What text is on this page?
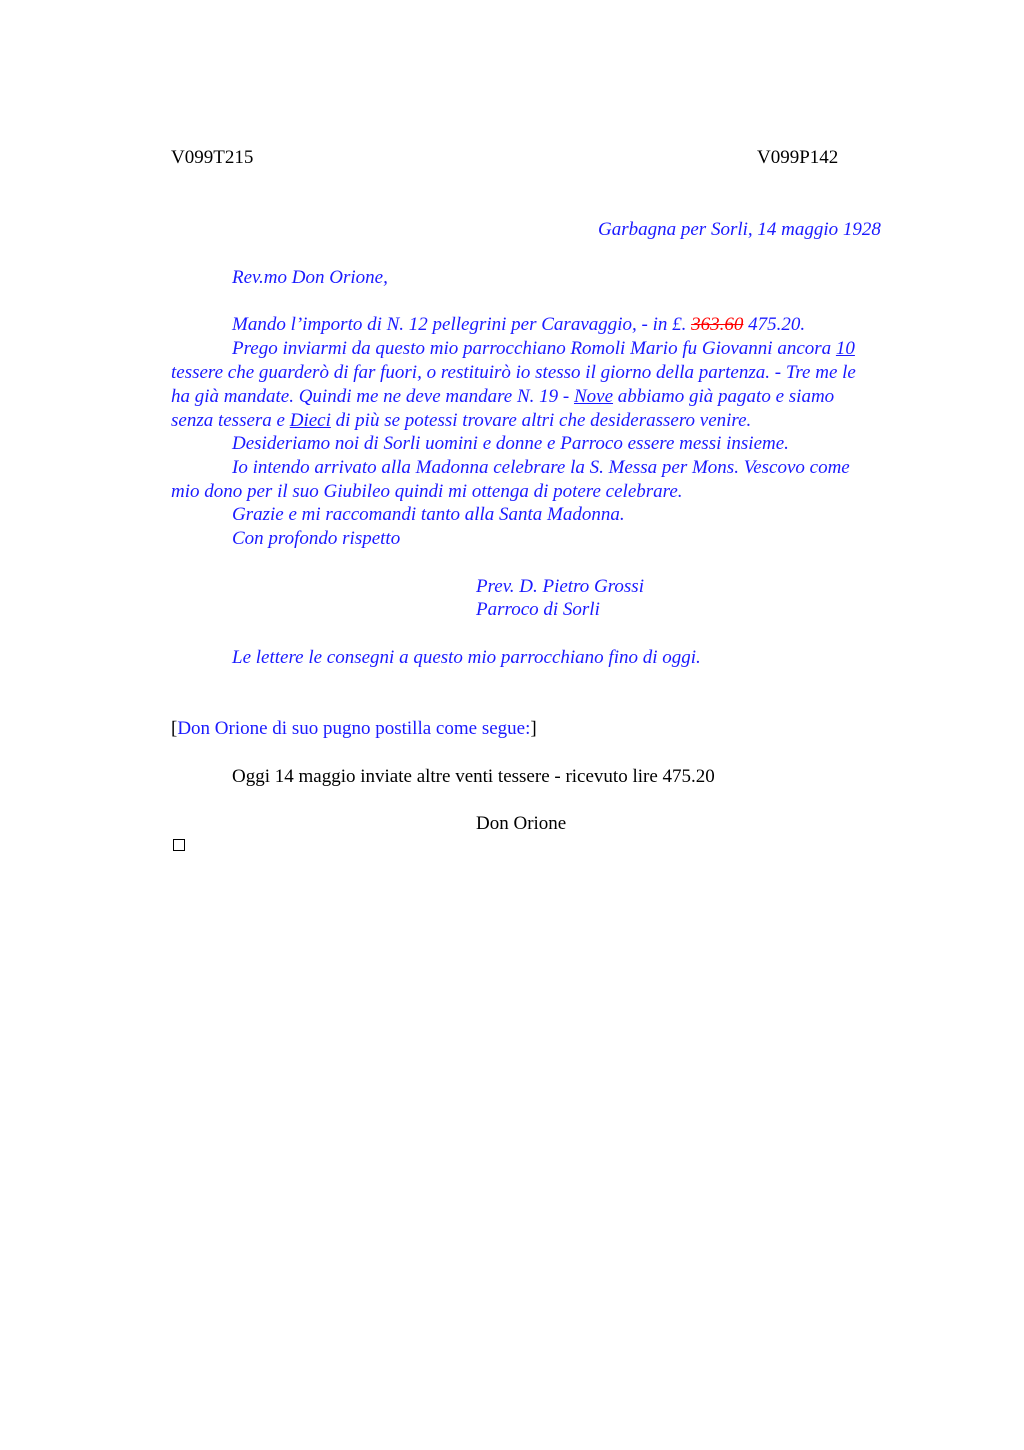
V099T215	V099P142
Garbagna per Sorli, 14 maggio 1928
Rev.mo Don Orione,
Mando l’importo di N. 12 pellegrini per Caravaggio, - in £. 363.60 475.20.
Prego inviarmi da questo mio parrocchiano Romoli Mario fu Giovanni ancora 10
tessere che guarderò di far fuori, o restituirò io stesso il giorno della partenza. - Tre me le
ha già mandate. Quindi me ne deve mandare N. 19 - Nove abbiamo già pagato e siamo
senza tessera e Dieci di più se potessi trovare altri che desiderassero venire.
Desideriamo noi di Sorli uomini e donne e Parroco essere messi insieme.
Io intendo arrivato alla Madonna celebrare la S. Messa per Mons. Vescovo come
mio dono per il suo Giubileo quindi mi ottenga di potere celebrare.
Grazie e mi raccomandi tanto alla Santa Madonna.
Con profondo rispetto
Prev. D. Pietro Grossi
Parroco di Sorli
Le lettere le consegni a questo mio parrocchiano fino di oggi.
[Don Orione di suo pugno postilla come segue:]
Oggi 14 maggio inviate altre venti tessere - ricevuto lire 475.20
Don Orione
